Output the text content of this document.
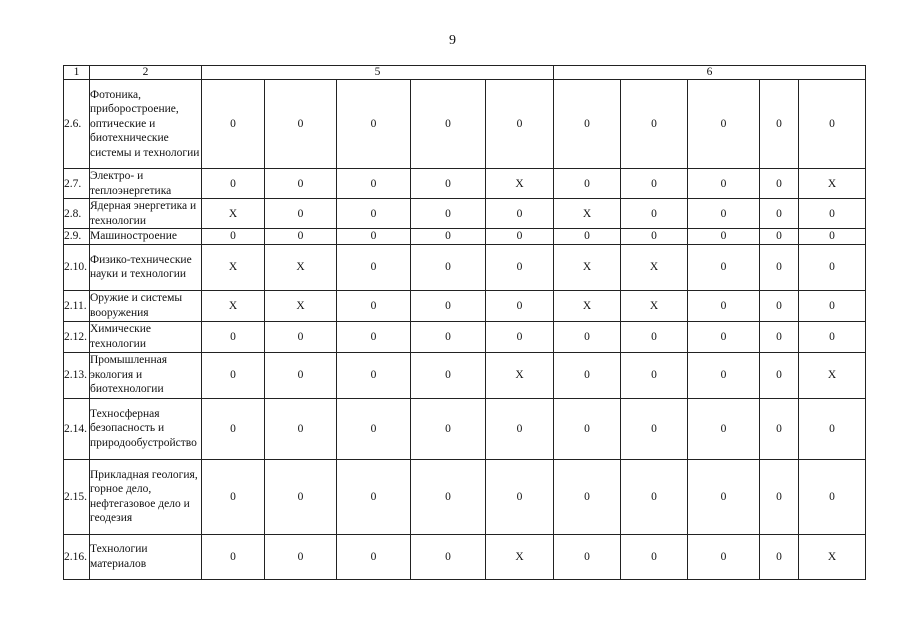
9
1	2	5					6				
2.6.	Фотоника, приборостроение, оптические и биотехнические системы и технологии	0	0	0	0	0	0	0	0	0	0
2.7.	Электро- и теплоэнергетика	0	0	0	0	X	0	0	0	0	X
2.8.	Ядерная энергетика и технологии	X	0	0	0	0	X	0	0	0	0
2.9.	Машиностроение	0	0	0	0	0	0	0	0	0	0
2.10.	Физико-технические науки и технологии	X	X	0	0	0	X	X	0	0	0
2.11.	Оружие и системы вооружения	X	X	0	0	0	X	X	0	0	0
2.12.	Химические технологии	0	0	0	0	0	0	0	0	0	0
2.13.	Промышленная экология и биотехнологии	0	0	0	0	X	0	0	0	0	X
2.14.	Техносферная безопасность и природообустройство	0	0	0	0	0	0	0	0	0	0
2.15.	Прикладная геология, горное дело, нефтегазовое дело и геодезия	0	0	0	0	0	0	0	0	0	0
2.16.	Технологии материалов	0	0	0	0	X	0	0	0	0	X
